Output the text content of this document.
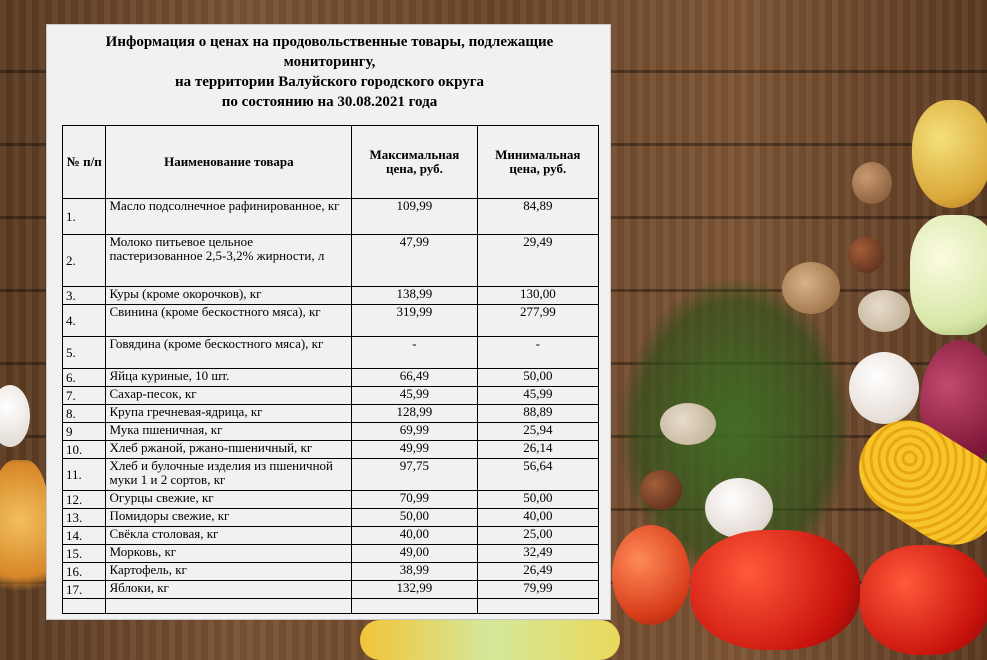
Информация о ценах на продовольственные товары, подлежащие
мониторингу,
на территории Валуйского городского округа
по состоянию на 30.08.2021 года
№ п/п	Наименование товара	Максимальная цена, руб.	Минимальная цена, руб.
1.	Масло подсолнечное рафинированное, кг	109,99	84,89
2.	Молоко питьевое цельное пастеризованное 2,5-3,2% жирности, л	47,99	29,49
3.	Куры (кроме окорочков), кг	138,99	130,00
4.	Свинина (кроме бескостного мяса), кг	319,99	277,99
5.	Говядина (кроме бескостного мяса), кг	-	-
6.	Яйца куриные, 10 шт.	66,49	50,00
7.	Сахар-песок, кг	45,99	45,99
8.	Крупа гречневая-ядрица, кг	128,99	88,89
9	Мука пшеничная, кг	69,99	25,94
10.	Хлеб ржаной, ржано-пшеничный, кг	49,99	26,14
11.	Хлеб и булочные изделия из пшеничной муки 1 и 2 сортов, кг	97,75	56,64
12.	Огурцы свежие, кг	70,99	50,00
13.	Помидоры свежие, кг	50,00	40,00
14.	Свёкла столовая, кг	40,00	25,00
15.	Морковь, кг	49,00	32,49
16.	Картофель, кг	38,99	26,49
17.	Яблоки, кг	132,99	79,99
